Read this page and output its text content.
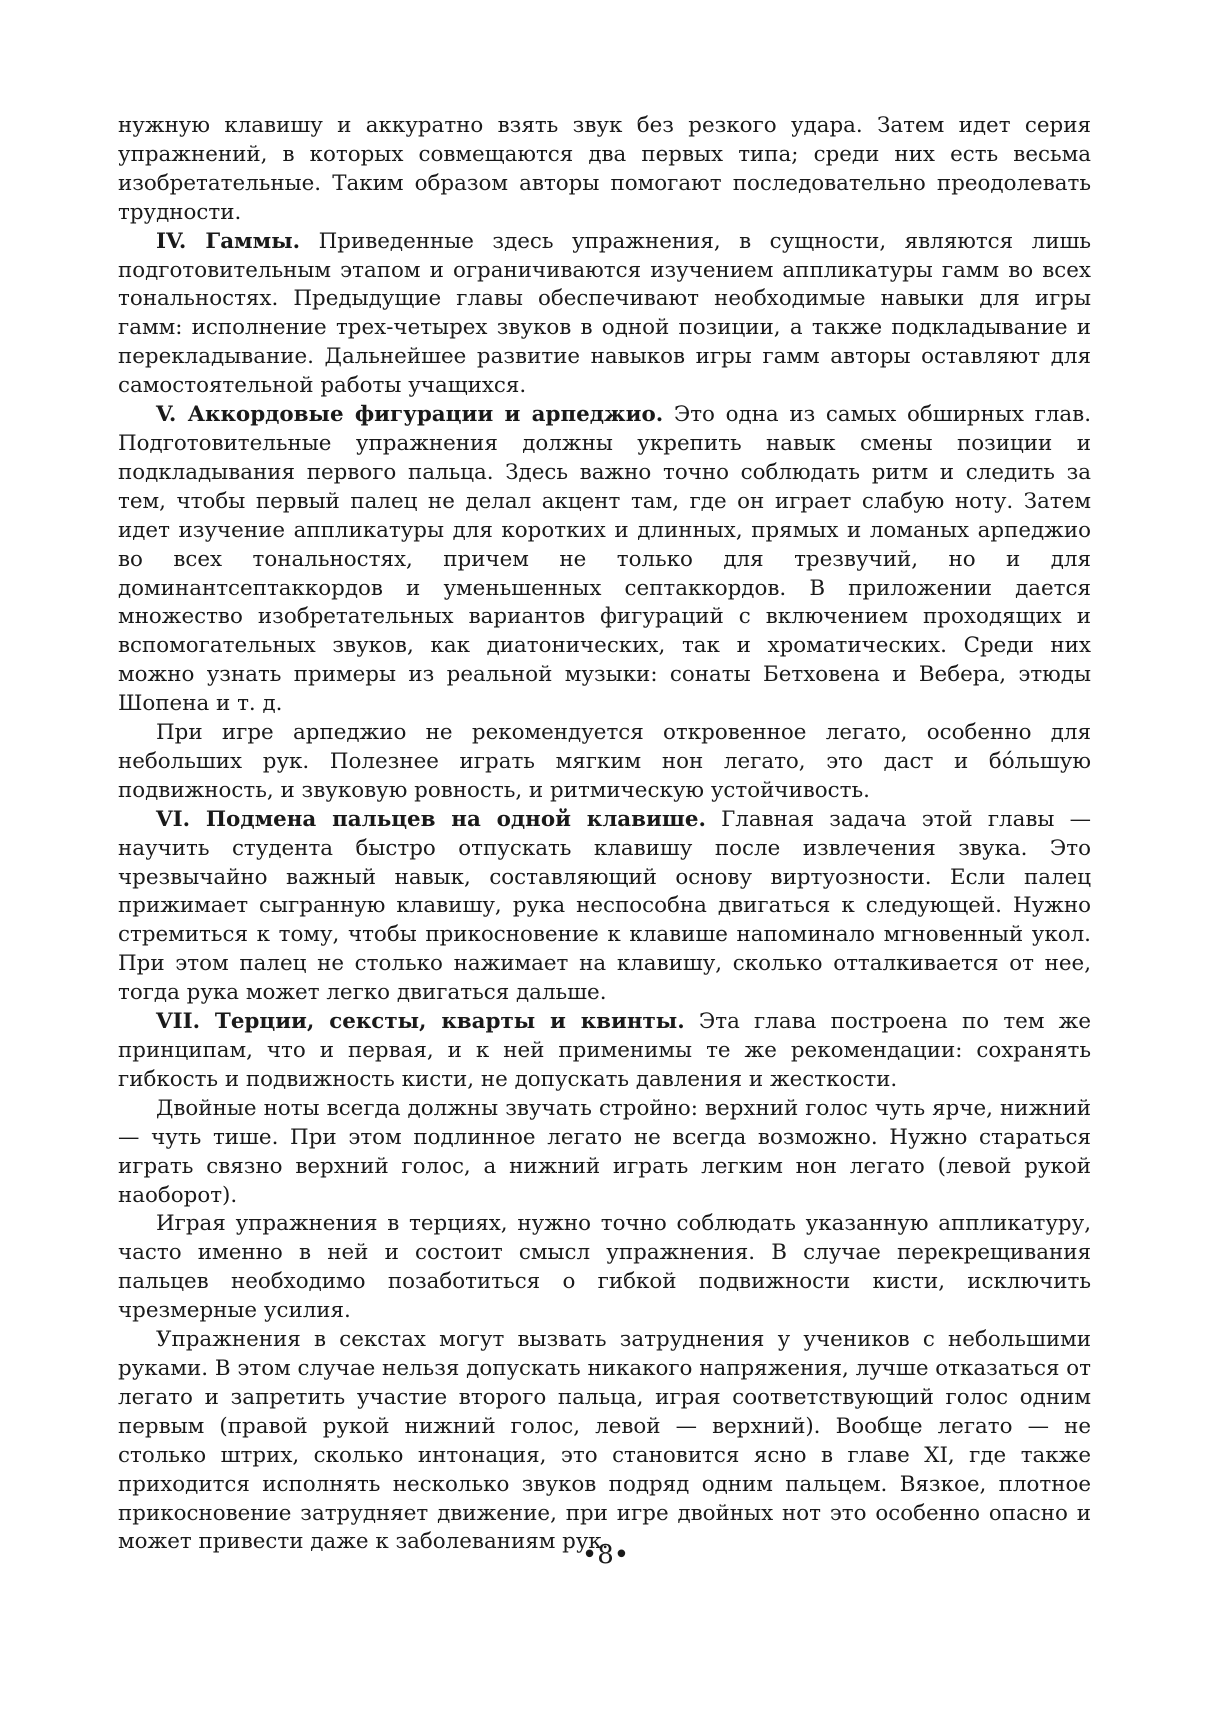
нужную клавишу и аккуратно взять звук без резкого удара. Затем идет серия упражнений, в которых совмещаются два первых типа; среди них есть весьма изобретательные. Таким образом авторы помогают последовательно преодолевать трудности.

IV. Гаммы. Приведенные здесь упражнения, в сущности, являются лишь подготовительным этапом и ограничиваются изучением аппликатуры гамм во всех тональностях. Предыдущие главы обеспечивают необходимые навыки для игры гамм: исполнение трех-четырех звуков в одной позиции, а также подкладывание и перекладывание. Дальнейшее развитие навыков игры гамм авторы оставляют для самостоятельной работы учащихся.

V. Аккордовые фигурации и арпеджио. Это одна из самых обширных глав. Подготовительные упражнения должны укрепить навык смены позиции и подкладывания первого пальца. Здесь важно точно соблюдать ритм и следить за тем, чтобы первый палец не делал акцент там, где он играет слабую ноту. Затем идет изучение аппликатуры для коротких и длинных, прямых и ломаных арпеджио во всех тональностях, причем не только для трезвучий, но и для доминантсептаккордов и уменьшенных септаккордов. В приложении дается множество изобретательных вариантов фигураций с включением проходящих и вспомогательных звуков, как диатонических, так и хроматических. Среди них можно узнать примеры из реальной музыки: сонаты Бетховена и Вебера, этюды Шопена и т. д.

При игре арпеджио не рекомендуется откровенное легато, особенно для небольших рук. Полезнее играть мягким нон легато, это даст и бóльшую подвижность, и звуковую ровность, и ритмическую устойчивость.

VI. Подмена пальцев на одной клавише. Главная задача этой главы — научить студента быстро отпускать клавишу после извлечения звука. Это чрезвычайно важный навык, составляющий основу виртуозности. Если палец прижимает сыгранную клавишу, рука неспособна двигаться к следующей. Нужно стремиться к тому, чтобы прикосновение к клавише напоминало мгновенный укол. При этом палец не столько нажимает на клавишу, сколько отталкивается от нее, тогда рука может легко двигаться дальше.

VII. Терции, сексты, кварты и квинты. Эта глава построена по тем же принципам, что и первая, и к ней применимы те же рекомендации: сохранять гибкость и подвижность кисти, не допускать давления и жесткости.

Двойные ноты всегда должны звучать стройно: верхний голос чуть ярче, нижний — чуть тише. При этом подлинное легато не всегда возможно. Нужно стараться играть связно верхний голос, а нижний играть легким нон легато (левой рукой наоборот).

Играя упражнения в терциях, нужно точно соблюдать указанную аппликатуру, часто именно в ней и состоит смысл упражнения. В случае перекрещивания пальцев необходимо позаботиться о гибкой подвижности кисти, исключить чрезмерные усилия.

Упражнения в секстах могут вызвать затруднения у учеников с небольшими руками. В этом случае нельзя допускать никакого напряжения, лучше отказаться от легато и запретить участие второго пальца, играя соответствующий голос одним первым (правой рукой нижний голос, левой — верхний). Вообще легато — не столько штрих, сколько интонация, это становится ясно в главе XI, где также приходится исполнять несколько звуков подряд одним пальцем. Вязкое, плотное прикосновение затрудняет движение, при игре двойных нот это особенно опасно и может привести даже к заболеваниям рук.

•8•
